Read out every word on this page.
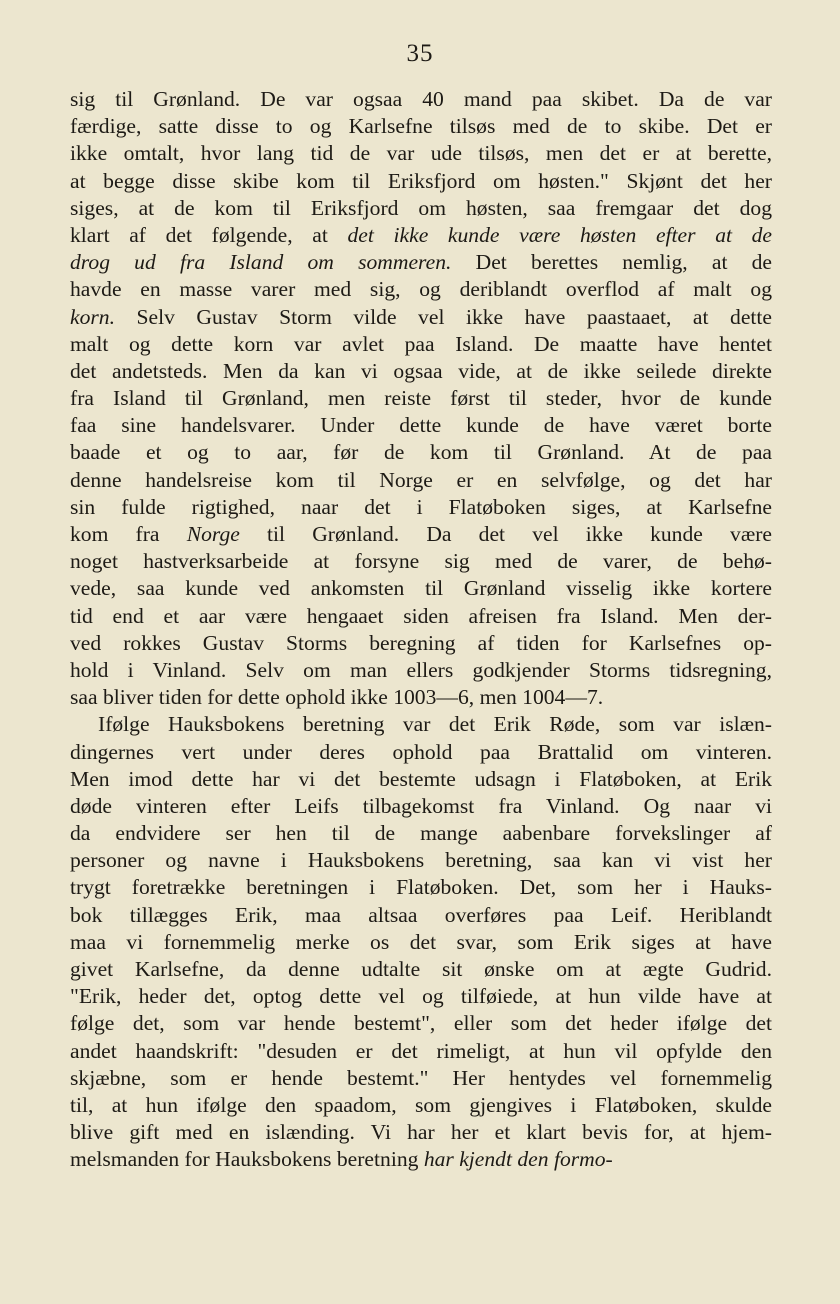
35
sig til Grønland. De var ogsaa 40 mand paa skibet. Da de var
færdige, satte disse to og Karlsefne tilsøs med de to skibe. Det er
ikke omtalt, hvor lang tid de var ude tilsøs, men det er at berette,
at begge disse skibe kom til Eriksfjord om høsten." Skjønt det her
siges, at de kom til Eriksfjord om høsten, saa fremgaar det dog
klart af det følgende, at det ikke kunde være høsten efter at de
drog ud fra Island om sommeren. Det berettes nemlig, at de
havde en masse varer med sig, og deriblandt overflod af malt og
korn. Selv Gustav Storm vilde vel ikke have paastaaet, at dette
malt og dette korn var avlet paa Island. De maatte have hentet
det andetsteds. Men da kan vi ogsaa vide, at de ikke seilede direkte
fra Island til Grønland, men reiste først til steder, hvor de kunde
faa sine handelsvarer. Under dette kunde de have været borte
baade et og to aar, før de kom til Grønland. At de paa
denne handelsreise kom til Norge er en selvfølge, og det har
sin fulde rigtighed, naar det i Flatøboken siges, at Karlsefne
kom fra Norge til Grønland. Da det vel ikke kunde være
noget hastverksarbeide at forsyne sig med de varer, de behø-
vede, saa kunde ved ankomsten til Grønland visselig ikke kortere
tid end et aar være hengaaet siden afreisen fra Island. Men der-
ved rokkes Gustav Storms beregning af tiden for Karlsefnes op-
hold i Vinland. Selv om man ellers godkjender Storms tidsregning,
saa bliver tiden for dette ophold ikke 1003—6, men 1004—7.
Ifølge Hauksbokens beretning var det Erik Røde, som var islæn-
dingernes vert under deres ophold paa Brattalid om vinteren.
Men imod dette har vi det bestemte udsagn i Flatøboken, at Erik
døde vinteren efter Leifs tilbagekomst fra Vinland. Og naar vi
da endvidere ser hen til de mange aabenbare forvekslinger af
personer og navne i Hauksbokens beretning, saa kan vi vist her
trygt foretrække beretningen i Flatøboken. Det, som her i Hauks-
bok tillægges Erik, maa altsaa overføres paa Leif. Heriblandt
maa vi fornemmelig merke os det svar, som Erik siges at have
givet Karlsefne, da denne udtalte sit ønske om at ægte Gudrid.
"Erik, heder det, optog dette vel og tilføiede, at hun vilde have at
følge det, som var hende bestemt", eller som det heder ifølge det
andet haandskrift: "desuden er det rimeligt, at hun vil opfylde den
skjæbne, som er hende bestemt." Her hentydes vel fornemmelig
til, at hun ifølge den spaadom, som gjengives i Flatøboken, skulde
blive gift med en islænding. Vi har her et klart bevis for, at hjem-
melsmanden for Hauksbokens beretning har kjendt den formo-
